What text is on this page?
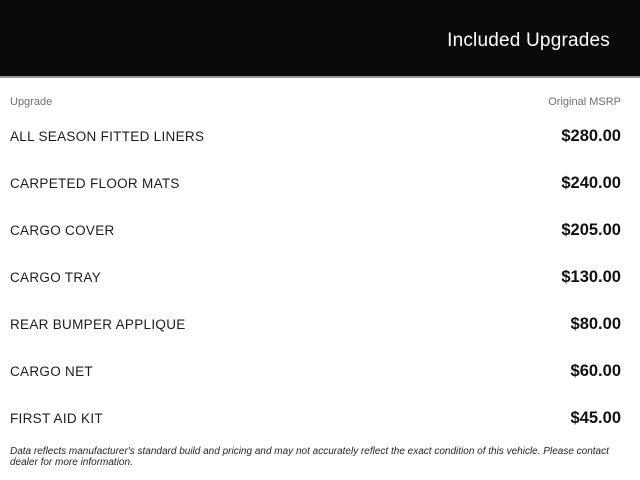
Included Upgrades
Upgrade	Original MSRP
ALL SEASON FITTED LINERS	$280.00
CARPETED FLOOR MATS	$240.00
CARGO COVER	$205.00
CARGO TRAY	$130.00
REAR BUMPER APPLIQUE	$80.00
CARGO NET	$60.00
FIRST AID KIT	$45.00
Data reflects manufacturer's standard build and pricing and may not accurately reflect the exact condition of this vehicle. Please contact dealer for more information.
